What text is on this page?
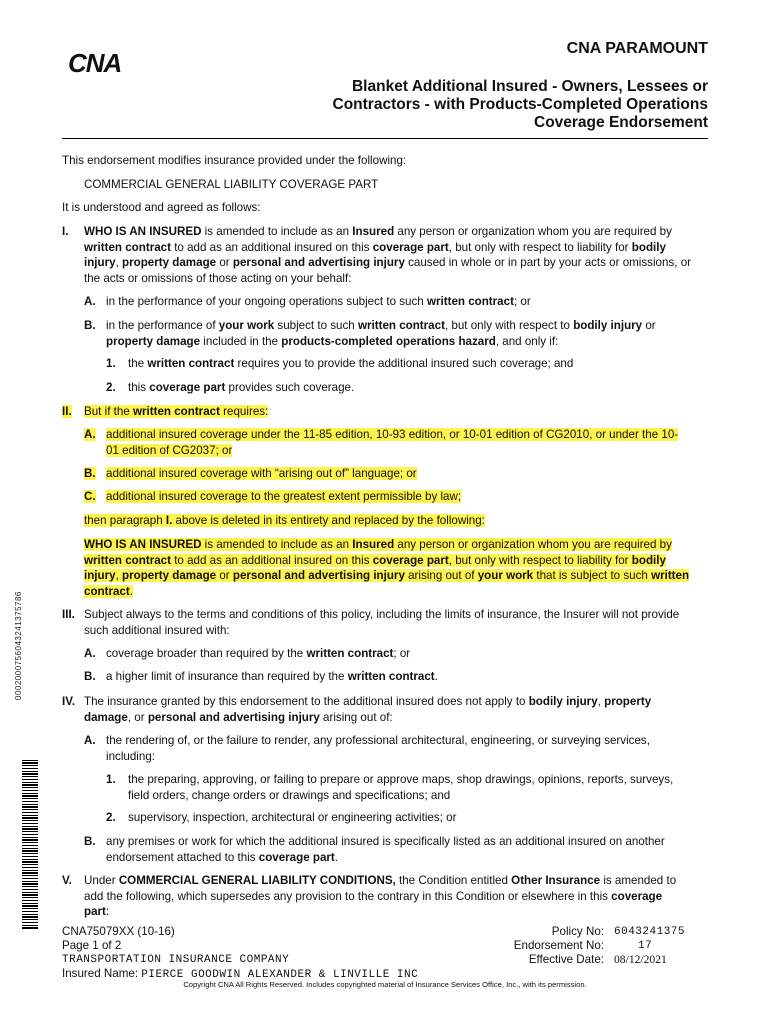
CNA	CNA PARAMOUNT
Blanket Additional Insured - Owners, Lessees or Contractors - with Products-Completed Operations Coverage Endorsement
This endorsement modifies insurance provided under the following:
COMMERCIAL GENERAL LIABILITY COVERAGE PART
It is understood and agreed as follows:
I. WHO IS AN INSURED is amended to include as an Insured any person or organization whom you are required by
written contract to add as an additional insured on this coverage part, but only with respect to liability for bodily
injury, property damage or personal and advertising injury caused in whole or in part by your acts or omissions, or
the acts or omissions of those acting on your behalf:
A. in the performance of your ongoing operations subject to such written contract; or
B. in the performance of your work subject to such written contract, but only with respect to bodily injury or
property damage included in the products-completed operations hazard, and only if:
1. the written contract requires you to provide the additional insured such coverage; and
2. this coverage part provides such coverage.
II. But if the written contract requires:
A. additional insured coverage under the 11-85 edition, 10-93 edition, or 10-01 edition of CG2010, or under the 10-
01 edition of CG2037; or
B. additional insured coverage with “arising out of” language; or
C. additional insured coverage to the greatest extent permissible by law;
then paragraph I. above is deleted in its entirety and replaced by the following:
WHO IS AN INSURED is amended to include as an Insured any person or organization whom you are required by
written contract to add as an additional insured on this coverage part, but only with respect to liability for bodily
injury, property damage or personal and advertising injury arising out of your work that is subject to such written
contract.
III. Subject always to the terms and conditions of this policy, including the limits of insurance, the Insurer will not provide
such additional insured with:
A. coverage broader than required by the written contract; or
B. a higher limit of insurance than required by the written contract.
IV. The insurance granted by this endorsement to the additional insured does not apply to bodily injury, property
damage, or personal and advertising injury arising out of:
A. the rendering of, or the failure to render, any professional architectural, engineering, or surveying services,
including:
1. the preparing, approving, or failing to prepare or approve maps, shop drawings, opinions, reports, surveys,
field orders, change orders or drawings and specifications; and
2. supervisory, inspection, architectural or engineering activities; or
B. any premises or work for which the additional insured is specifically listed as an additional insured on another
endorsement attached to this coverage part.
V. Under COMMERCIAL GENERAL LIABILITY CONDITIONS, the Condition entitled Other Insurance is amended to
add the following, which supersedes any provision to the contrary in this Condition or elsewhere in this coverage
part:
0002000756043241375786
CNA75079XX (10-16)
Page 1 of 2
TRANSPORTATION INSURANCE COMPANY
Insured Name: PIERCE GOODWIN ALEXANDER & LINVILLE INC
Policy No: 6043241375
Endorsement No:	17
Effective Date: 08/12/2021
Copyright CNA All Rights Reserved. Includes copyrighted material of Insurance Services Office, Inc., with its permission.
